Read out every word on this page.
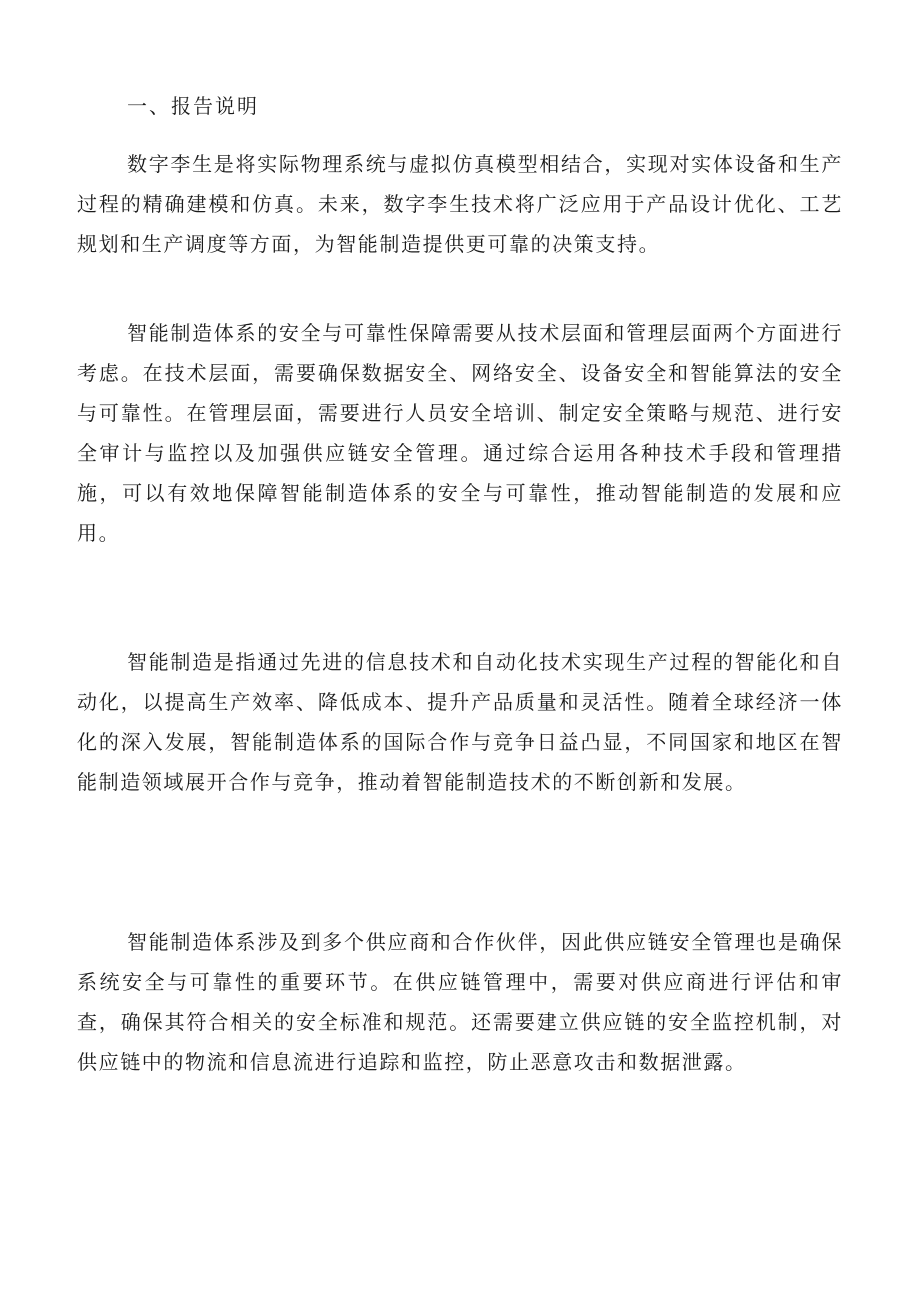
一、报告说明

数字李生是将实际物理系统与虚拟仿真模型相结合，实现对实体设备和生产过程的精确建模和仿真。未来，数字李生技术将广泛应用于产品设计优化、工艺规划和生产调度等方面，为智能制造提供更可靠的决策支持。

智能制造体系的安全与可靠性保障需要从技术层面和管理层面两个方面进行考虑。在技术层面，需要确保数据安全、网络安全、设备安全和智能算法的安全与可靠性。在管理层面，需要进行人员安全培训、制定安全策略与规范、进行安全审计与监控以及加强供应链安全管理。通过综合运用各种技术手段和管理措施，可以有效地保障智能制造体系的安全与可靠性，推动智能制造的发展和应用。

智能制造是指通过先进的信息技术和自动化技术实现生产过程的智能化和自动化，以提高生产效率、降低成本、提升产品质量和灵活性。随着全球经济一体化的深入发展，智能制造体系的国际合作与竞争日益凸显，不同国家和地区在智能制造领域展开合作与竞争，推动着智能制造技术的不断创新和发展。

智能制造体系涉及到多个供应商和合作伙伴，因此供应链安全管理也是确保系统安全与可靠性的重要环节。在供应链管理中，需要对供应商进行评估和审查，确保其符合相关的安全标准和规范。还需要建立供应链的安全监控机制，对供应链中的物流和信息流进行追踪和监控，防止恶意攻击和数据泄露。
